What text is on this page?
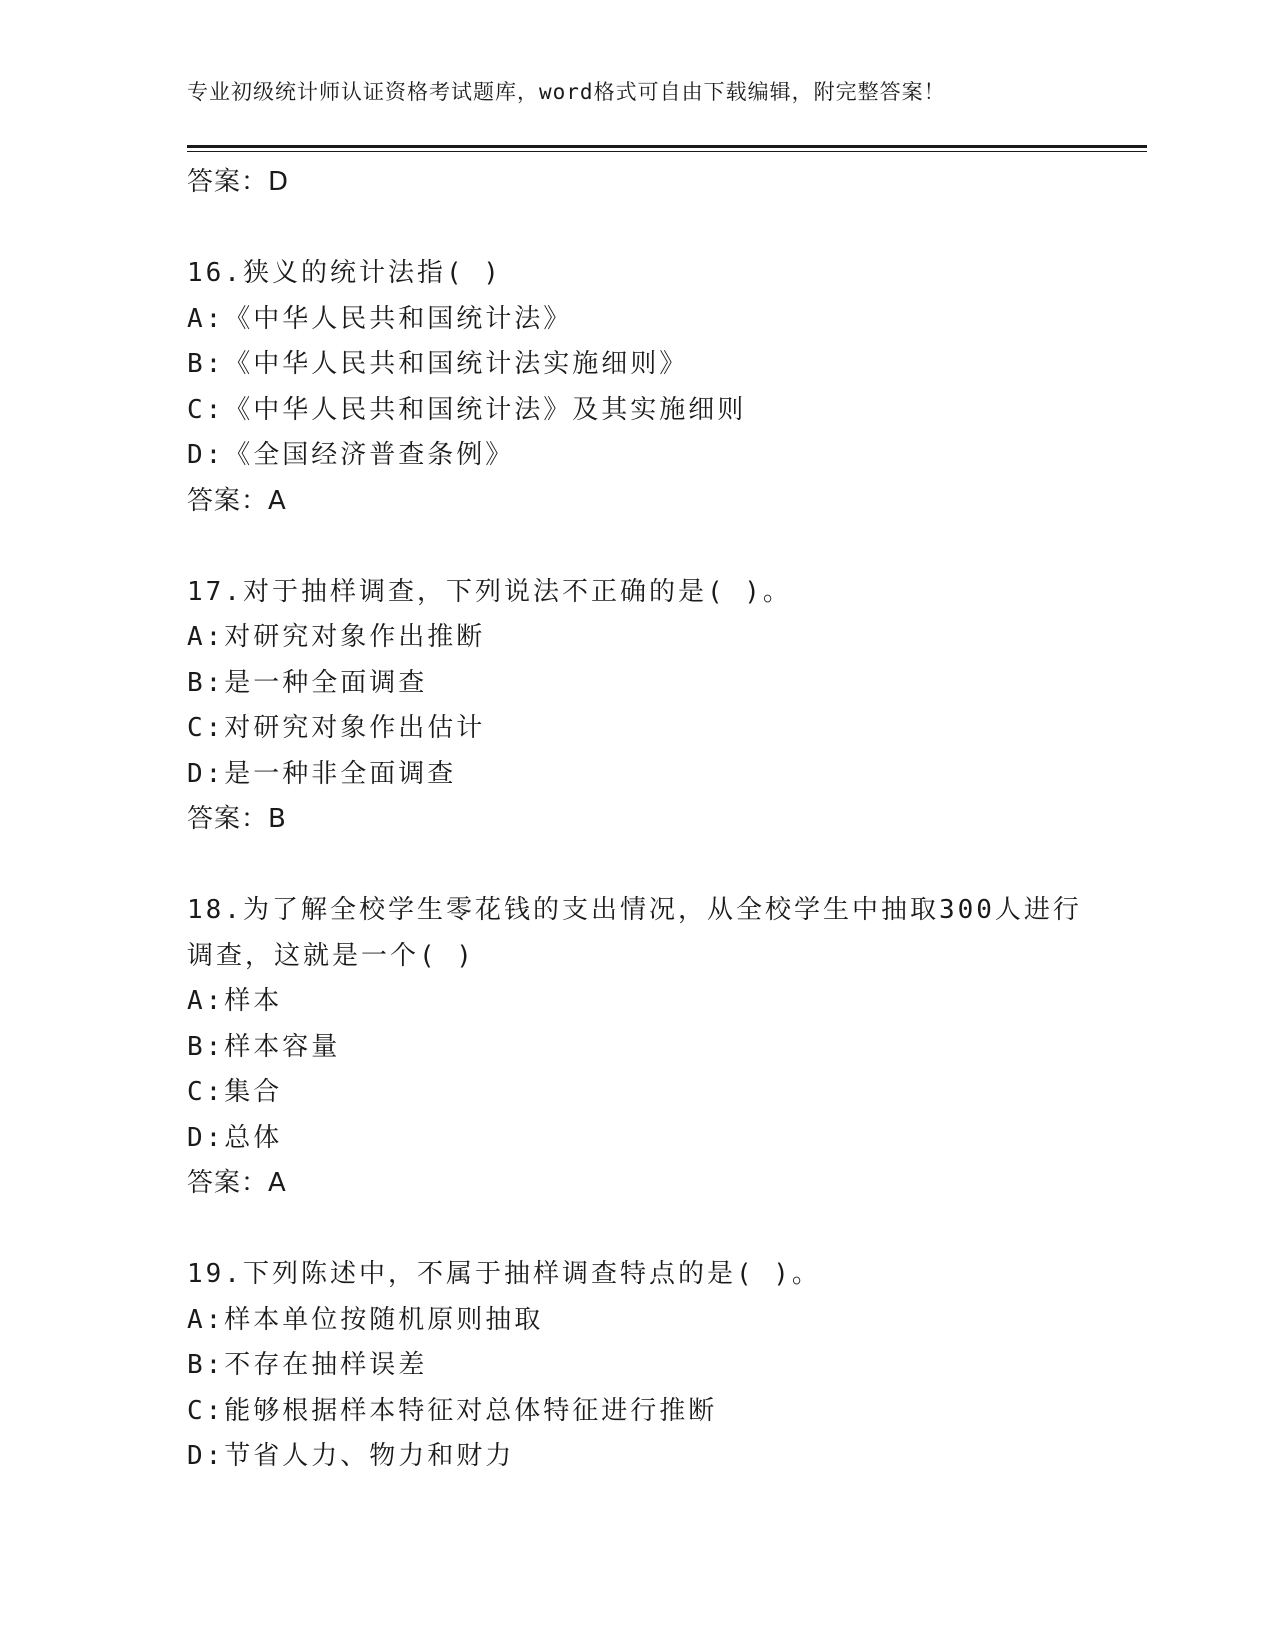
专业初级统计师认证资格考试题库，word格式可自由下载编辑，附完整答案！
答案：D
16.狭义的统计法指( )
A:《中华人民共和国统计法》
B:《中华人民共和国统计法实施细则》
C:《中华人民共和国统计法》及其实施细则
D:《全国经济普查条例》
答案：A
17.对于抽样调查，下列说法不正确的是( )。
A:对研究对象作出推断
B:是一种全面调查
C:对研究对象作出估计
D:是一种非全面调查
答案：B
18.为了解全校学生零花钱的支出情况，从全校学生中抽取300人进行
调查，这就是一个( )
A:样本
B:样本容量
C:集合
D:总体
答案：A
19.下列陈述中，不属于抽样调查特点的是( )。
A:样本单位按随机原则抽取
B:不存在抽样误差
C:能够根据样本特征对总体特征进行推断
D:节省人力、物力和财力
